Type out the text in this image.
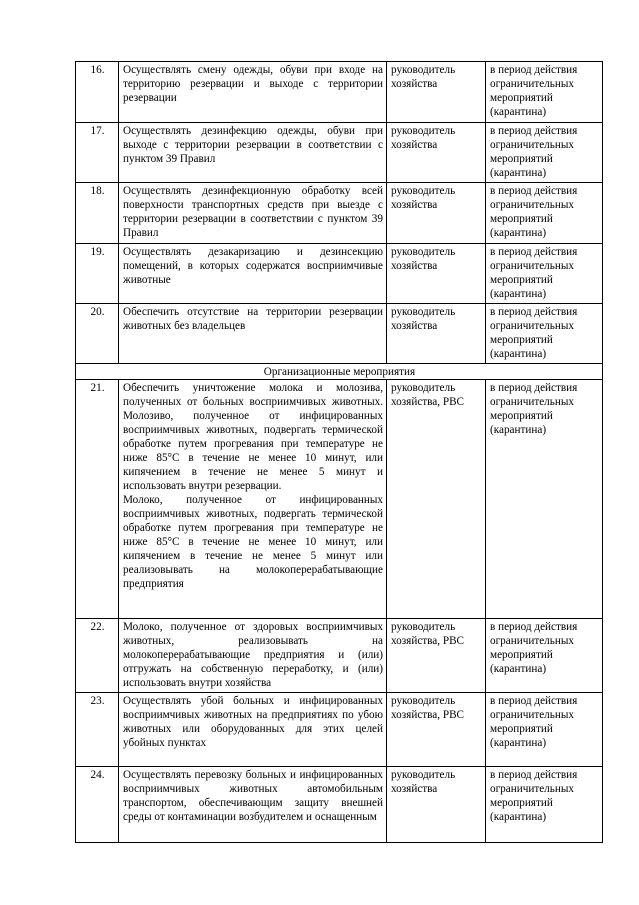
16.	Осуществлять смену одежды, обуви при входе на территорию резервации и выходе с территории резервации	руководитель хозяйства	в период действия ограничительных мероприятий (карантина)
17.	Осуществлять дезинфекцию одежды, обуви при выходе с территории резервации в соответствии с пунктом 39 Правил	руководитель хозяйства	в период действия ограничительных мероприятий (карантина)
18.	Осуществлять дезинфекционную обработку всей поверхности транспортных средств при выезде с территории резервации в соответствии с пунктом 39 Правил	руководитель хозяйства	в период действия ограничительных мероприятий (карантина)
19.	Осуществлять дезакаризацию и дезинсекцию помещений, в которых содержатся восприимчивые животные	руководитель хозяйства	в период действия ограничительных мероприятий (карантина)
20.	Обеспечить отсутствие на территории резервации животных без владельцев	руководитель хозяйства	в период действия ограничительных мероприятий (карантина)
Организационные мероприятия			
21.	Обеспечить уничтожение молока и молозива, полученных от больных восприимчивых животных. Молозиво, полученное от инфицированных восприимчивых животных, подвергать термической обработке путем прогревания при температуре не ниже 85°С в течение не менее 10 минут, или кипячением в течение не менее 5 минут и использовать внутри резервации.
Молоко, полученное от инфицированных восприимчивых животных, подвергать термической обработке путем прогревания при температуре не ниже 85°С в течение не менее 10 минут, или кипячением в течение не менее 5 минут или реализовывать на молокоперерабатывающие предприятия	руководитель хозяйства, РВС	в период действия ограничительных мероприятий (карантина)
22.	Молоко, полученное от здоровых восприимчивых животных, реализовывать на молокоперерабатывающие предприятия и (или) отгружать на собственную переработку, и (или) использовать внутри хозяйства	руководитель хозяйства, РВС	в период действия ограничительных мероприятий (карантина)
23.	Осуществлять убой больных и инфицированных восприимчивых животных на предприятиях по убою животных или оборудованных для этих целей убойных пунктах	руководитель хозяйства, РВС	в период действия ограничительных мероприятий (карантина)
24.	Осуществлять перевозку больных и инфицированных восприимчивых животных автомобильным транспортом, обеспечивающим защиту внешней среды от контаминации возбудителем и оснащенным	руководитель хозяйства	в период действия ограничительных мероприятий (карантина)
